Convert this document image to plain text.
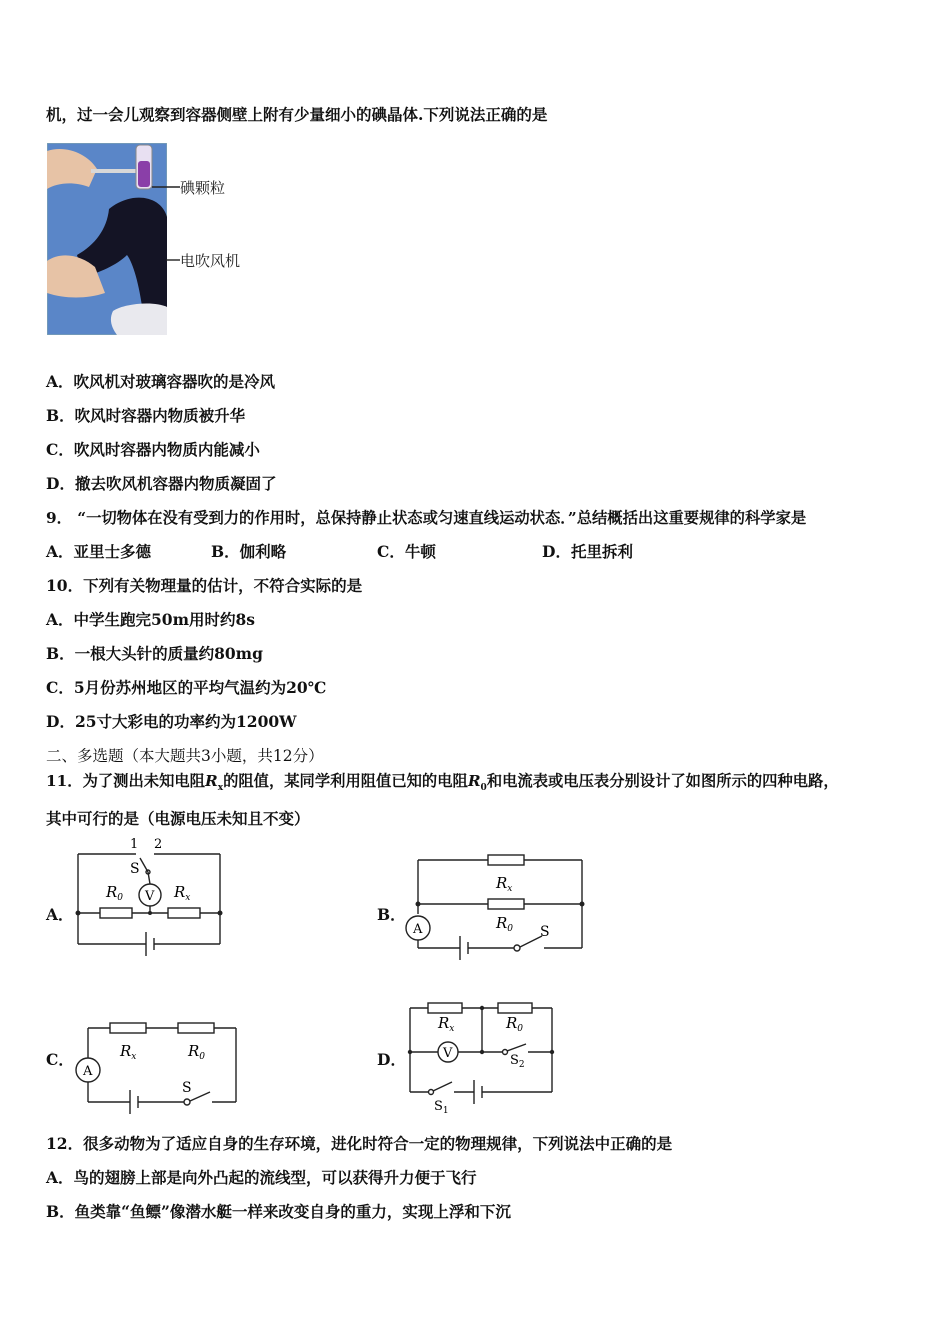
机，过一会儿观察到容器侧壁上附有少量细小的碘晶体.下列说法正确的是
碘颗粒
电吹风机
A．吹风机对玻璃容器吹的是冷风
B．吹风时容器内物质被升华
C．吹风时容器内物质内能减小
D．撤去吹风机容器内物质凝固了
9． “一切物体在没有受到力的作用时，总保持静止状态或匀速直线运动状态．”总结概括出这重要规律的科学家是
A．亚里士多德	B．伽利略	C．牛顿	D．托里拆利
10．下列有关物理量的估计，不符合实际的是
A．中学生跑完50m用时约8s
B．一根大头针的质量约80mg
C．5月份苏州地区的平均气温约为20℃
D．25寸大彩电的功率约为1200W
二、多选题（本大题共3小题，共12分）
11．为了测出未知电阻$R_x$的阻值，某同学利用阻值已知的电阻$R_0$和电流表或电压表分别设计了如图所示的四种电路，
其中可行的是（电源电压未知且不变）
A．
1 2
S
V
$R_0$	$R_x$
B．
A	S
$R_x$
$R_0$
C．
A
S
$R_x$	$R_0$	D．	V
$R_x$	$R_0$
$S_2$
$S_1$
12．很多动物为了适应自身的生存环境，进化时符合一定的物理规律，下列说法中正确的是
A．鸟的翅膀上部是向外凸起的流线型，可以获得升力便于飞行
B．鱼类靠“鱼鳔”像潜水艇一样来改变自身的重力，实现上浮和下沉
